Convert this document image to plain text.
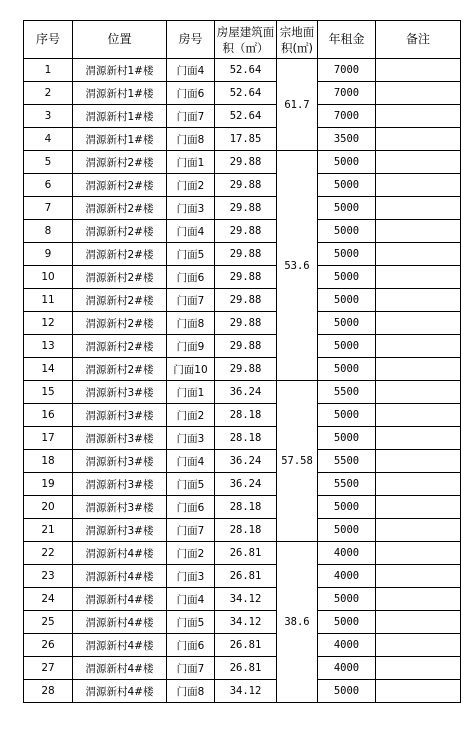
序号	位置	房号	房屋建筑面积（㎡）	宗地面积(㎡)	年租金	备注
1	渭源新村1#楼	门面4	52.64	61.7	7000	
2	渭源新村1#楼	门面6	52.64		7000	
3	渭源新村1#楼	门面7	52.64		7000	
4	渭源新村1#楼	门面8	17.85		3500	
5	渭源新村2#楼	门面1	29.88	53.6	5000	
6	渭源新村2#楼	门面2	29.88		5000	
7	渭源新村2#楼	门面3	29.88		5000	
8	渭源新村2#楼	门面4	29.88		5000	
9	渭源新村2#楼	门面5	29.88		5000	
10	渭源新村2#楼	门面6	29.88		5000	
11	渭源新村2#楼	门面7	29.88		5000	
12	渭源新村2#楼	门面8	29.88		5000	
13	渭源新村2#楼	门面9	29.88		5000	
14	渭源新村2#楼	门面10	29.88		5000	
15	渭源新村3#楼	门面1	36.24	57.58	5500	
16	渭源新村3#楼	门面2	28.18		5000	
17	渭源新村3#楼	门面3	28.18		5000	
18	渭源新村3#楼	门面4	36.24		5500	
19	渭源新村3#楼	门面5	36.24		5500	
20	渭源新村3#楼	门面6	28.18		5000	
21	渭源新村3#楼	门面7	28.18		5000	
22	渭源新村4#楼	门面2	26.81	38.6	4000	
23	渭源新村4#楼	门面3	26.81		4000	
24	渭源新村4#楼	门面4	34.12		5000	
25	渭源新村4#楼	门面5	34.12		5000	
26	渭源新村4#楼	门面6	26.81		4000	
27	渭源新村4#楼	门面7	26.81		4000	
28	渭源新村4#楼	门面8	34.12		5000	
